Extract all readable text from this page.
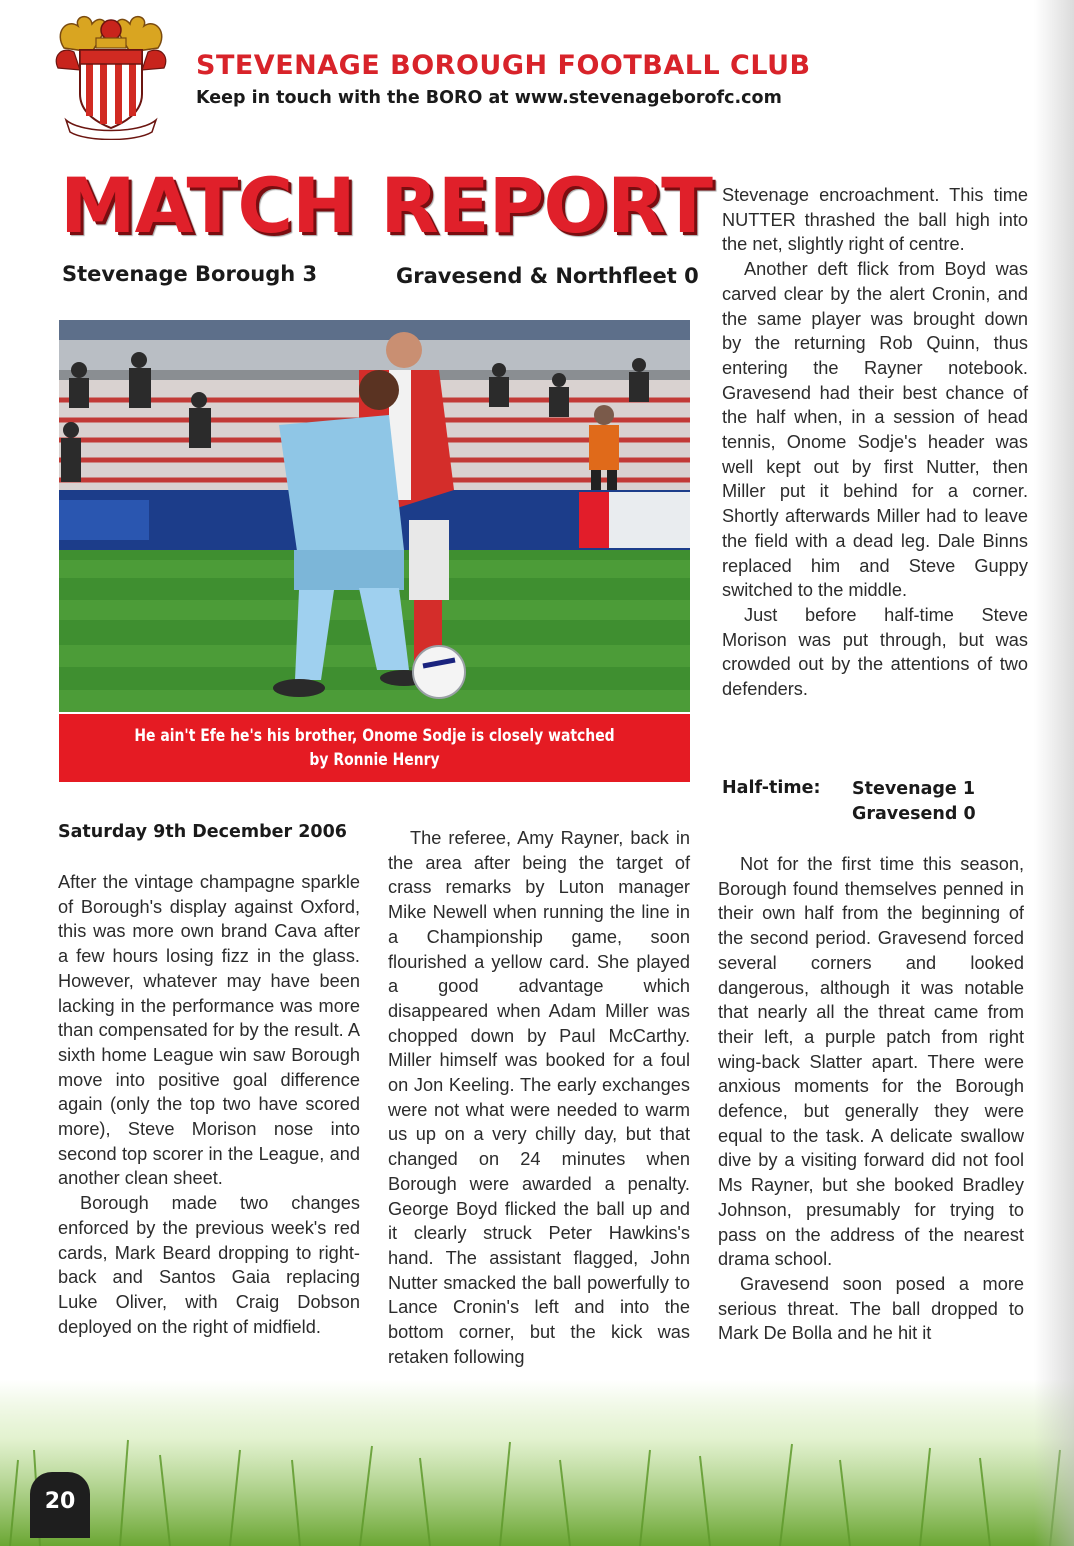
STEVENAGE BOROUGH FOOTBALL CLUB
Keep in touch with the BORO at www.stevenageborofc.com
MATCH REPORT
Stevenage Borough 3	Gravesend & Northfleet 0
He ain't Efe he's his brother, Onome Sodje is closely watched
by Ronnie Henry
Saturday 9th December 2006

After the vintage champagne sparkle of Borough's display against Oxford, this was more own brand Cava after a few hours losing fizz in the glass. However, whatever may have been lacking in the performance was more than compensated for by the result. A sixth home League win saw Borough move into positive goal difference again (only the top two have scored more), Steve Morison nose into second top scorer in the League, and another clean sheet.

Borough made two changes enforced by the previous week's red cards, Mark Beard dropping to right-back and Santos Gaia replacing Luke Oliver, with Craig Dobson deployed on the right of midfield.

The referee, Amy Rayner, back in the area after being the target of crass remarks by Luton manager Mike Newell when running the line in a Championship game, soon flourished a yellow card. She played a good advantage which disappeared when Adam Miller was chopped down by Paul McCarthy. Miller himself was booked for a foul on Jon Keeling. The early exchanges were not what were needed to warm us up on a very chilly day, but that changed on 24 minutes when Borough were awarded a penalty. George Boyd flicked the ball up and it clearly struck Peter Hawkins's hand. The assistant flagged, John Nutter smacked the ball powerfully to Lance Cronin's left and into the bottom corner, but the kick was retaken following

Stevenage encroachment. This time NUTTER thrashed the ball high into the net, slightly right of centre.

Another deft flick from Boyd was carved clear by the alert Cronin, and the same player was brought down by the returning Rob Quinn, thus entering the Rayner notebook. Gravesend had their best chance of the half when, in a session of head tennis, Onome Sodje's header was well kept out by first Nutter, then Miller put it behind for a corner. Shortly afterwards Miller had to leave the field with a dead leg. Dale Binns replaced him and Steve Guppy switched to the middle.

Just before half-time Steve Morison was put through, but was crowded out by the attentions of two defenders.

Half-time: Stevenage 1
Gravesend 0

Not for the first time this season, Borough found themselves penned in their own half from the beginning of the second period. Gravesend forced several corners and looked dangerous, although it was notable that nearly all the threat came from their left, a purple patch from right wing-back Slatter apart. There were anxious moments for the Borough defence, but generally they were equal to the task. A delicate swallow dive by a visiting forward did not fool Ms Rayner, but she booked Bradley Johnson, presumably for trying to pass on the address of the nearest drama school.

Gravesend soon posed a more serious threat. The ball dropped to Mark De Bolla and he hit it

20
